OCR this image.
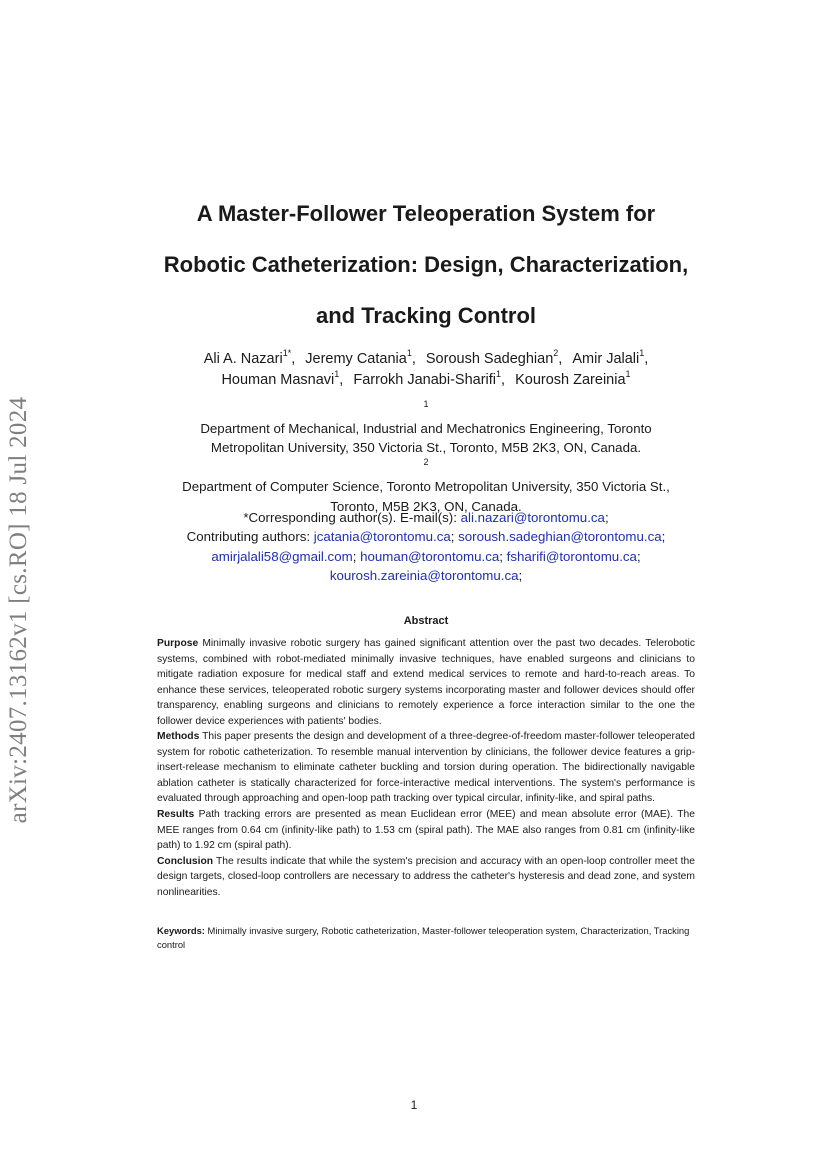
arXiv:2407.13162v1 [cs.RO] 18 Jul 2024
A Master-Follower Teleoperation System for
Robotic Catheterization: Design, Characterization,
and Tracking Control
Ali A. Nazari$^{1*}$, Jeremy Catania$^1$, Soroush Sadeghian$^2$, Amir Jalali$^1$,
Houman Masnavi$^1$, Farrokh Janabi-Sharifi$^1$, Kourosh Zareinia$^1$
$^1$
Department of Mechanical, Industrial and Mechatronics Engineering, Toronto
Metropolitan University, 350 Victoria St., Toronto, M5B 2K3, ON, Canada.
$^2$
Department of Computer Science, Toronto Metropolitan University, 350 Victoria St.,
Toronto, M5B 2K3, ON, Canada.
*Corresponding author(s). E-mail(s): ali.nazari@torontomu.ca;
Contributing authors: jcatania@torontomu.ca; soroush.sadeghian@torontomu.ca;
amirjalali58@gmail.com; houman@torontomu.ca; fsharifi@torontomu.ca;
kourosh.zareinia@torontomu.ca;
Abstract

Purpose Minimally invasive robotic surgery has gained significant attention over the past two decades. Telerobotic systems, combined with robot-mediated minimally invasive techniques, have enabled surgeons and clinicians to mitigate radiation exposure for medical staff and extend medical services to remote and hard-to-reach areas. To enhance these services, teleoperated robotic surgery systems incorporating master and follower devices should offer transparency, enabling surgeons and clinicians to remotely experience a force interaction similar to the one the follower device experiences with patients' bodies.

Methods This paper presents the design and development of a three-degree-of-freedom master-follower teleoperated system for robotic catheterization. To resemble manual intervention by clinicians, the follower device features a grip-insert-release mechanism to eliminate catheter buckling and torsion during operation. The bidirectionally navigable ablation catheter is statically characterized for force-interactive medical interventions. The system's performance is evaluated through approaching and open-loop path tracking over typical circular, infinity-like, and spiral paths.

Results Path tracking errors are presented as mean Euclidean error (MEE) and mean absolute error (MAE). The MEE ranges from 0.64 cm (infinity-like path) to 1.53 cm (spiral path). The MAE also ranges from 0.81 cm (infinity-like path) to 1.92 cm (spiral path).

Conclusion The results indicate that while the system's precision and accuracy with an open-loop controller meet the design targets, closed-loop controllers are necessary to address the catheter's hysteresis and dead zone, and system nonlinearities.

Keywords: Minimally invasive surgery, Robotic catheterization, Master-follower teleoperation system, Characterization, Tracking control
1
